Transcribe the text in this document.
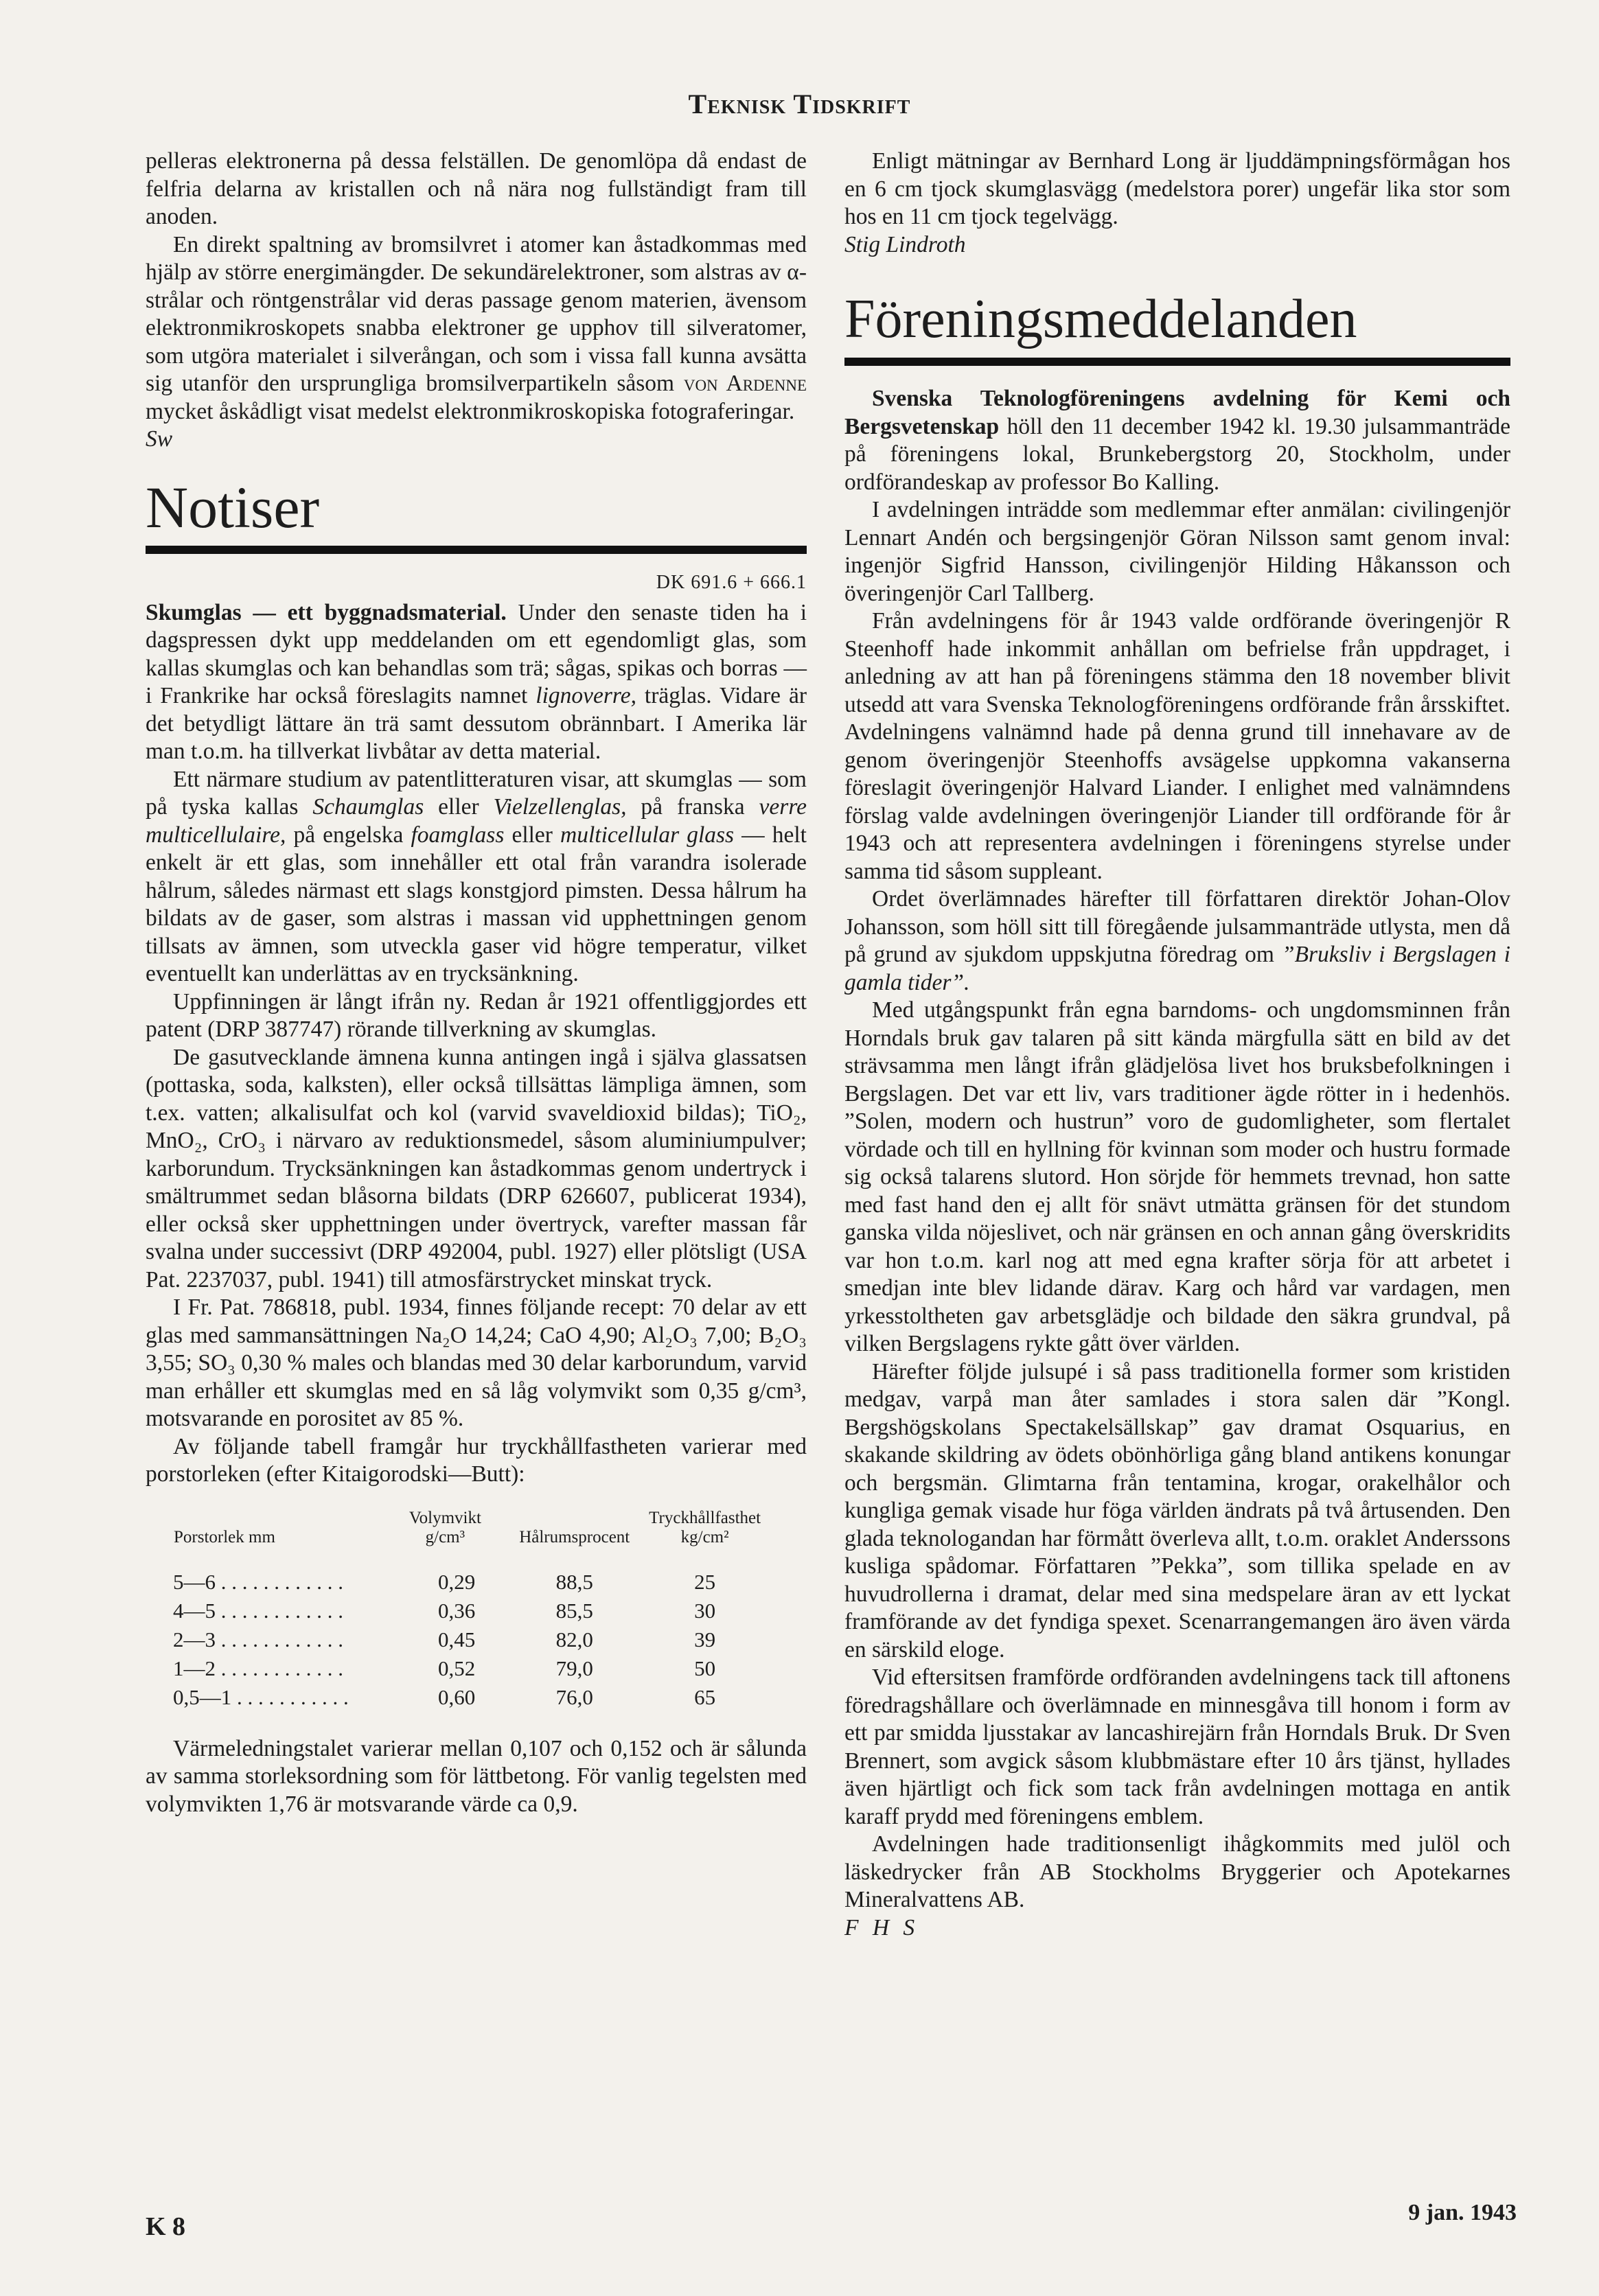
Teknisk Tidskrift

pelleras elektronerna på dessa felställen. De genomlöpa då endast de felfria delarna av kristallen och nå nära nog fullständigt fram till anoden.

En direkt spaltning av bromsilvret i atomer kan åstadkommas med hjälp av större energimängder. De sekundärelektroner, som alstras av α-strålar och röntgenstrålar vid deras passage genom materien, ävensom elektronmikroskopets snabba elektroner ge upphov till silveratomer, som utgöra materialet i silverångan, och som i vissa fall kunna avsätta sig utanför den ursprungliga bromsilverpartikeln såsom von Ardenne mycket åskådligt visat medelst elektronmikroskopiska fotograferingar.

Sw

Notiser
DK 691.6 + 666.1

Skumglas — ett byggnadsmaterial. Under den senaste tiden ha i dagspressen dykt upp meddelanden om ett egendomligt glas, som kallas skumglas och kan behandlas som trä; sågas, spikas och borras — i Frankrike har också föreslagits namnet lignoverre, träglas. Vidare är det betydligt lättare än trä samt dessutom obrännbart. I Amerika lär man t.o.m. ha tillverkat livbåtar av detta material.

Ett närmare studium av patentlitteraturen visar, att skumglas — som på tyska kallas Schaumglas eller Vielzellenglas, på franska verre multicellulaire, på engelska foamglass eller multicellular glass — helt enkelt är ett glas, som innehåller ett otal från varandra isolerade hålrum, således närmast ett slags konstgjord pimsten. Dessa hålrum ha bildats av de gaser, som alstras i massan vid upphettningen genom tillsats av ämnen, som utveckla gaser vid högre temperatur, vilket eventuellt kan underlättas av en trycksänkning.

Uppfinningen är långt ifrån ny. Redan år 1921 offentliggjordes ett patent (DRP 387747) rörande tillverkning av skumglas.

De gasutvecklande ämnena kunna antingen ingå i själva glassatsen (pottaska, soda, kalksten), eller också tillsättas lämpliga ämnen, som t.ex. vatten; alkalisulfat och kol (varvid svaveldioxid bildas); TiO₂, MnO₂, CrO₃ i närvaro av reduktionsmedel, såsom aluminiumpulver; karborundum. Trycksänkningen kan åstadkommas genom undertryck i smältrummet sedan blåsorna bildats (DRP 626607, publicerat 1934), eller också sker upphettningen under övertryck, varefter massan får svalna under successivt (DRP 492004, publ. 1927) eller plötsligt (USA Pat. 2237037, publ. 1941) till atmosfärstrycket minskat tryck.

I Fr. Pat. 786818, publ. 1934, finnes följande recept: 70 delar av ett glas med sammansättningen Na₂O 14,24; CaO 4,90; Al₂O₃ 7,00; B₂O₃ 3,55; SO₃ 0,30 % males och blandas med 30 delar karborundum, varvid man erhåller ett skumglas med en så låg volymvikt som 0,35 g/cm³, motsvarande en porositet av 85 %.

Av följande tabell framgår hur tryckhållfastheten varierar med porstorleken (efter Kitaigorodski—Butt):

Porstorlek mm	Volymvikt g/cm³	Hålrumsprocent	Tryckhållfasthet kg/cm²
5—6 . . . . . . . . . . . .	0,29	88,5	25
4—5 . . . . . . . . . . . .	0,36	85,5	30
2—3 . . . . . . . . . . . .	0,45	82,0	39
1—2 . . . . . . . . . . . .	0,52	79,0	50
0,5—1 . . . . . . . . . . .	0,60	76,0	65

Värmeledningstalet varierar mellan 0,107 och 0,152 och är sålunda av samma storleksordning som för lättbetong. För vanlig tegelsten med volymvikten 1,76 är motsvarande värde ca 0,9.

Enligt mätningar av Bernhard Long är ljuddämpningsförmågan hos en 6 cm tjock skumglasvägg (medelstora porer) ungefär lika stor som hos en 11 cm tjock tegelvägg.

Stig Lindroth

Föreningsmeddelanden

Svenska Teknologföreningens avdelning för Kemi och Bergsvetenskap höll den 11 december 1942 kl. 19.30 julsammanträde på föreningens lokal, Brunkebergstorg 20, Stockholm, under ordförandeskap av professor Bo Kalling.

I avdelningen inträdde som medlemmar efter anmälan: civilingenjör Lennart Andén och bergsingenjör Göran Nilsson samt genom inval: ingenjör Sigfrid Hansson, civilingenjör Hilding Håkansson och överingenjör Carl Tallberg.

Från avdelningens för år 1943 valde ordförande överingenjör R Steenhoff hade inkommit anhållan om befrielse från uppdraget, i anledning av att han på föreningens stämma den 18 november blivit utsedd att vara Svenska Teknologföreningens ordförande från årsskiftet. Avdelningens valnämnd hade på denna grund till innehavare av de genom överingenjör Steenhoffs avsägelse uppkomna vakanserna föreslagit överingenjör Halvard Liander. I enlighet med valnämndens förslag valde avdelningen överingenjör Liander till ordförande för år 1943 och att representera avdelningen i föreningens styrelse under samma tid såsom suppleant.

Ordet överlämnades härefter till författaren direktör Johan-Olov Johansson, som höll sitt till föregående julsammanträde utlysta, men då på grund av sjukdom uppskjutna föredrag om ”Bruksliv i Bergslagen i gamla tider”.

Med utgångspunkt från egna barndoms- och ungdomsminnen från Horndals bruk gav talaren på sitt kända märgfulla sätt en bild av det strävsamma men långt ifrån glädjelösa livet hos bruksbefolkningen i Bergslagen. Det var ett liv, vars traditioner ägde rötter in i hedenhös. ”Solen, modern och hustrun” voro de gudomligheter, som flertalet vördade och till en hyllning för kvinnan som moder och hustru formade sig också talarens slutord. Hon sörjde för hemmets trevnad, hon satte med fast hand den ej allt för snävt utmätta gränsen för det stundom ganska vilda nöjeslivet, och när gränsen en och annan gång överskridits var hon t.o.m. karl nog att med egna krafter sörja för att arbetet i smedjan inte blev lidande därav. Karg och hård var vardagen, men yrkesstoltheten gav arbetsglädje och bildade den säkra grundval, på vilken Bergslagens rykte gått över världen.

Härefter följde julsupé i så pass traditionella former som kristiden medgav, varpå man åter samlades i stora salen där ”Kongl. Bergshögskolans Spectakelsällskap” gav dramat Osquarius, en skakande skildring av ödets obönhörliga gång bland antikens konungar och bergsmän. Glimtarna från tentamina, krogar, orakelhålor och kungliga gemak visade hur föga världen ändrats på två årtusenden. Den glada teknologandan har förmått överleva allt, t.o.m. oraklet Anderssons kusliga spådomar. Författaren ”Pekka”, som tillika spelade en av huvudrollerna i dramat, delar med sina medspelare äran av ett lyckat framförande av det fyndiga spexet. Scenarrangemangen äro även värda en särskild eloge.

Vid eftersitsen framförde ordföranden avdelningens tack till aftonens föredragshållare och överlämnade en minnesgåva till honom i form av ett par smidda ljusstakar av lancashirejärn från Horndals Bruk. Dr Sven Brennert, som avgick såsom klubbmästare efter 10 års tjänst, hyllades även hjärtligt och fick som tack från avdelningen mottaga en antik karaff prydd med föreningens emblem.

Avdelningen hade traditionsenligt ihågkommits med julöl och läskedrycker från AB Stockholms Bryggerier och Apotekarnes Mineralvattens AB.

F H S

K 8	9 jan. 1943
